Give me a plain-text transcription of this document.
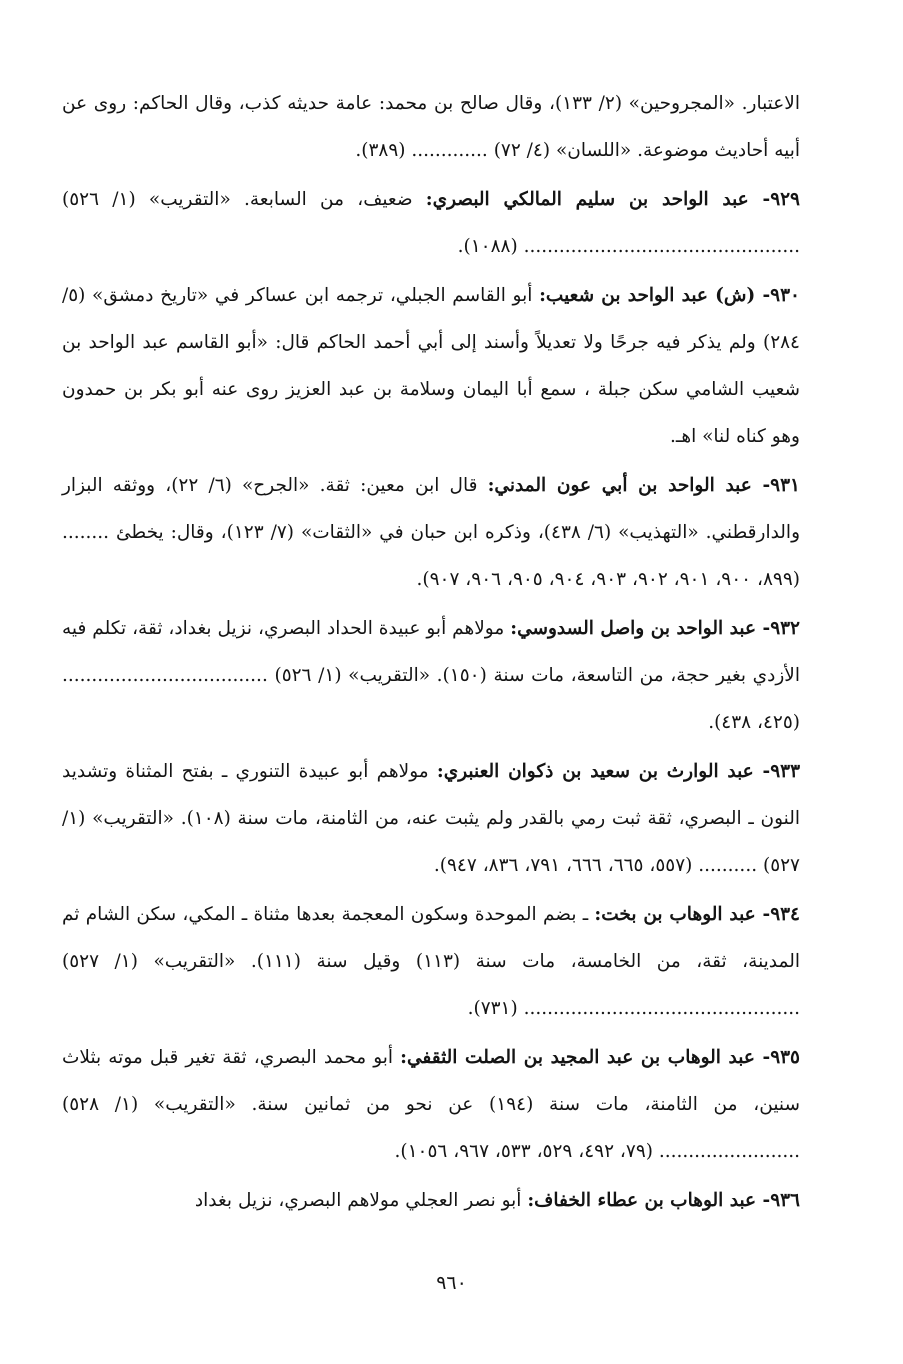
الاعتبار. «المجروحين» (٢/ ١٣٣)، وقال صالح بن محمد: عامة حديثه كذب، وقال الحاكم: روى عن أبيه أحاديث موضوعة. «اللسان» (٤/ ٧٢) ............. (٣٨٩).

٩٢٩- عبد الواحد بن سليم المالكي البصري: ضعيف، من السابعة. «التقريب» (١/ ٥٢٦) ............................................... (١٠٨٨).

٩٣٠- (ش) عبد الواحد بن شعيب: أبو القاسم الجبلي، ترجمه ابن عساكر في «تاريخ دمشق» (٥/ ٢٨٤) ولم يذكر فيه جرحًا ولا تعديلاً وأسند إلى أبي أحمد الحاكم قال: «أبو القاسم عبد الواحد بن شعيب الشامي سكن جبلة ، سمع أبا اليمان وسلامة بن عبد العزيز روى عنه أبو بكر بن حمدون وهو كناه لنا» اهـ.

٩٣١- عبد الواحد بن أبي عون المدني: قال ابن معين: ثقة. «الجرح» (٦/ ٢٢)، ووثقه البزار والدارقطني. «التهذيب» (٦/ ٤٣٨)، وذكره ابن حبان في «الثقات» (٧/ ١٢٣)، وقال: يخطئ ........ (٨٩٩، ٩٠٠، ٩٠١، ٩٠٢، ٩٠٣، ٩٠٤، ٩٠٥، ٩٠٦، ٩٠٧).

٩٣٢- عبد الواحد بن واصل السدوسي: مولاهم أبو عبيدة الحداد البصري، نزيل بغداد، ثقة، تكلم فيه الأزدي بغير حجة، من التاسعة، مات سنة (١٥٠). «التقريب» (١/ ٥٢٦) ................................... (٤٢٥، ٤٣٨).

٩٣٣- عبد الوارث بن سعيد بن ذكوان العنبري: مولاهم أبو عبيدة التنوري ـ بفتح المثناة وتشديد النون ـ البصري، ثقة ثبت رمي بالقدر ولم يثبت عنه، من الثامنة، مات سنة (١٠٨). «التقريب» (١/ ٥٢٧) .......... (٥٥٧، ٦٦٥، ٦٦٦، ٧٩١، ٨٣٦، ٩٤٧).

٩٣٤- عبد الوهاب بن بخت: ـ بضم الموحدة وسكون المعجمة بعدها مثناة ـ المكي، سكن الشام ثم المدينة، ثقة، من الخامسة، مات سنة (١١٣) وقيل سنة (١١١). «التقريب» (١/ ٥٢٧) ............................................... (٧٣١).

٩٣٥- عبد الوهاب بن عبد المجيد بن الصلت الثقفي: أبو محمد البصري، ثقة تغير قبل موته بثلاث سنين، من الثامنة، مات سنة (١٩٤) عن نحو من ثمانين سنة. «التقريب» (١/ ٥٢٨) ........................ (٧٩، ٤٩٢، ٥٢٩، ٥٣٣، ٩٦٧، ١٠٥٦).

٩٣٦- عبد الوهاب بن عطاء الخفاف: أبو نصر العجلي مولاهم البصري، نزيل بغداد

٩٦٠
